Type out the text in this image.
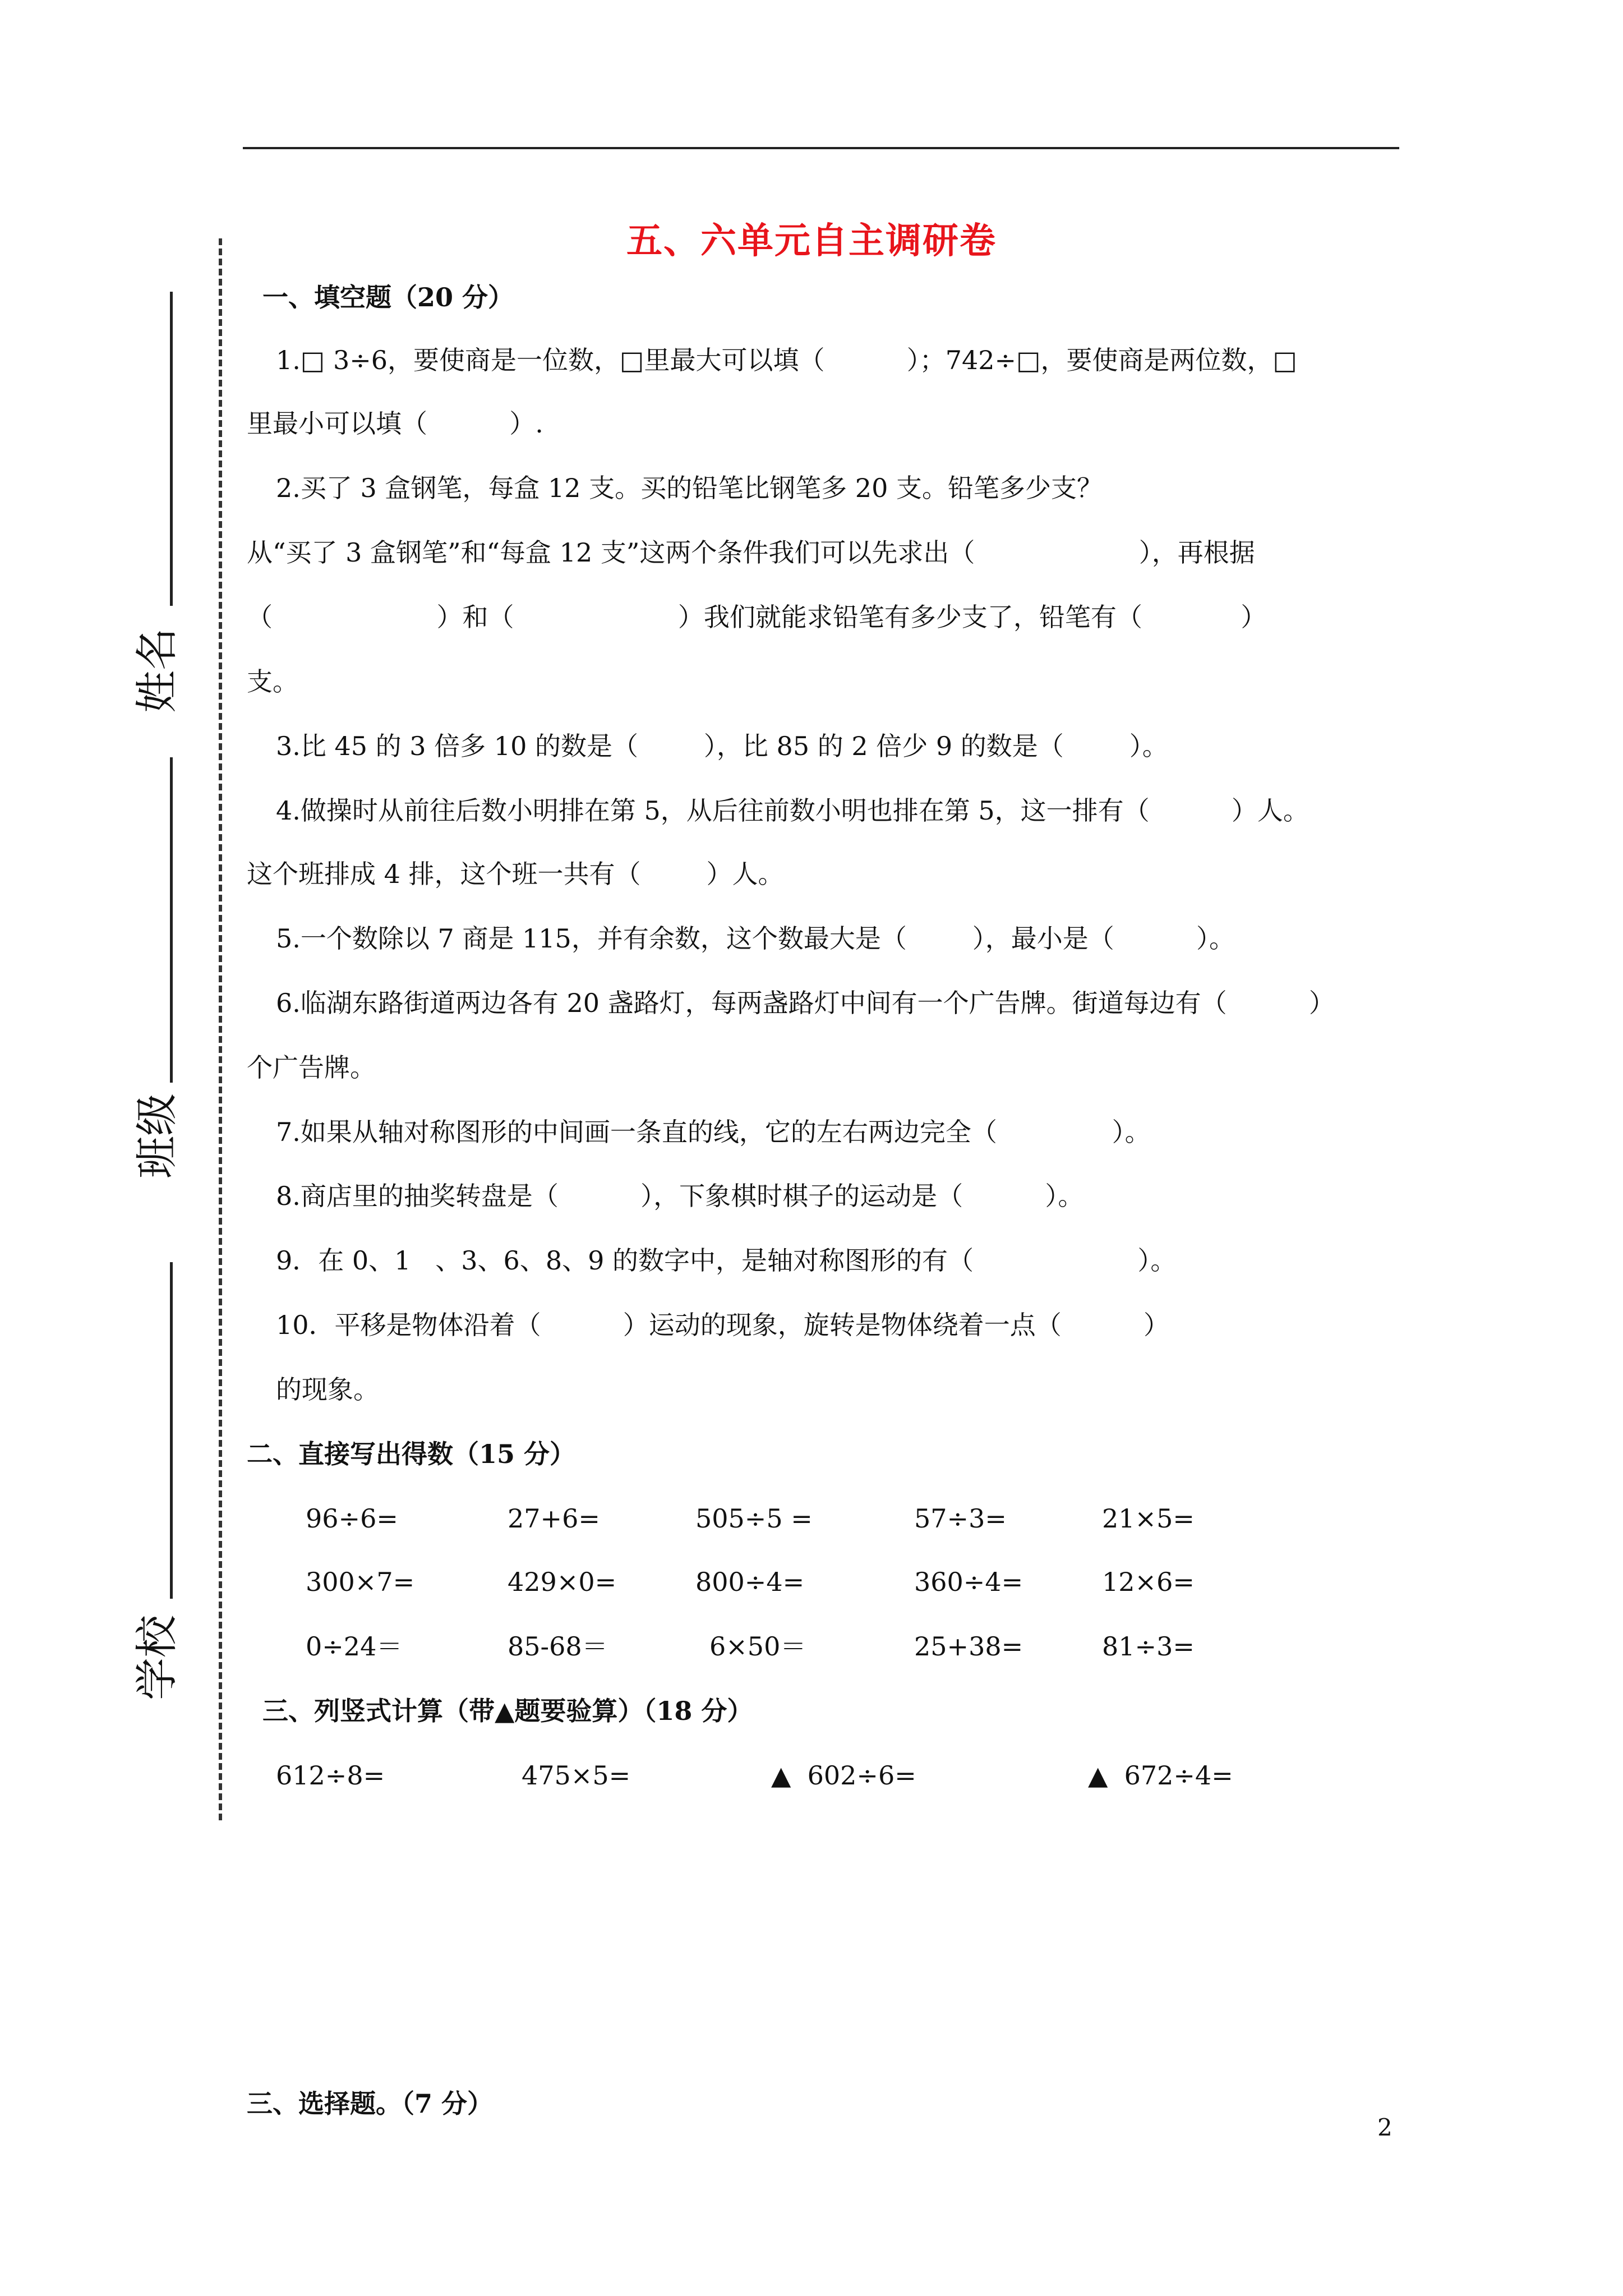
五、六单元自主调研卷
姓名
班级
学校
一、填空题（20 分）
1.□ 3÷6，要使商是一位数，□里最大可以填（          ）；742÷□，要使商是两位数，□
里最小可以填（          ）.
2.买了 3 盒钢笔，每盒 12 支。买的铅笔比钢笔多 20 支。铅笔多少支？
从“买了 3 盒钢笔”和“每盒 12 支”这两个条件我们可以先求出（                    ），再根据
（                    ）和（                    ）我们就能求铅笔有多少支了，铅笔有（            ）
支。
3.比 45 的 3 倍多 10 的数是（        ），比 85 的 2 倍少 9 的数是（        ）。
4.做操时从前往后数小明排在第 5，从后往前数小明也排在第 5，这一排有（          ）人。
这个班排成 4 排，这个班一共有（        ）人。
5.一个数除以 7 商是 115，并有余数，这个数最大是（        ），最小是（          ）。
6.临湖东路街道两边各有 20 盏路灯，每两盏路灯中间有一个广告牌。街道每边有（          ）
个广告牌。
7.如果从轴对称图形的中间画一条直的线，它的左右两边完全（              ）。
8.商店里的抽奖转盘是（          ），下象棋时棋子的运动是（          ）。
9．在 0、1   、3、6、8、9 的数字中，是轴对称图形的有（                    ）。
10．平移是物体沿着（          ）运动的现象，旋转是物体绕着一点（          ）
的现象。
二、直接写出得数（15 分）
96÷6=	27+6=	505÷5 =	57÷3=	21×5=
300×7=	429×0=	800÷4=	360÷4=	12×6=
0÷24＝	85-68＝	6×50＝	25+38=	81÷3=
三、列竖式计算（带▲题要验算）（18 分）
612÷8=	475×5=	▲  602÷6=	▲  672÷4=
三、选择题。（7 分）
2
